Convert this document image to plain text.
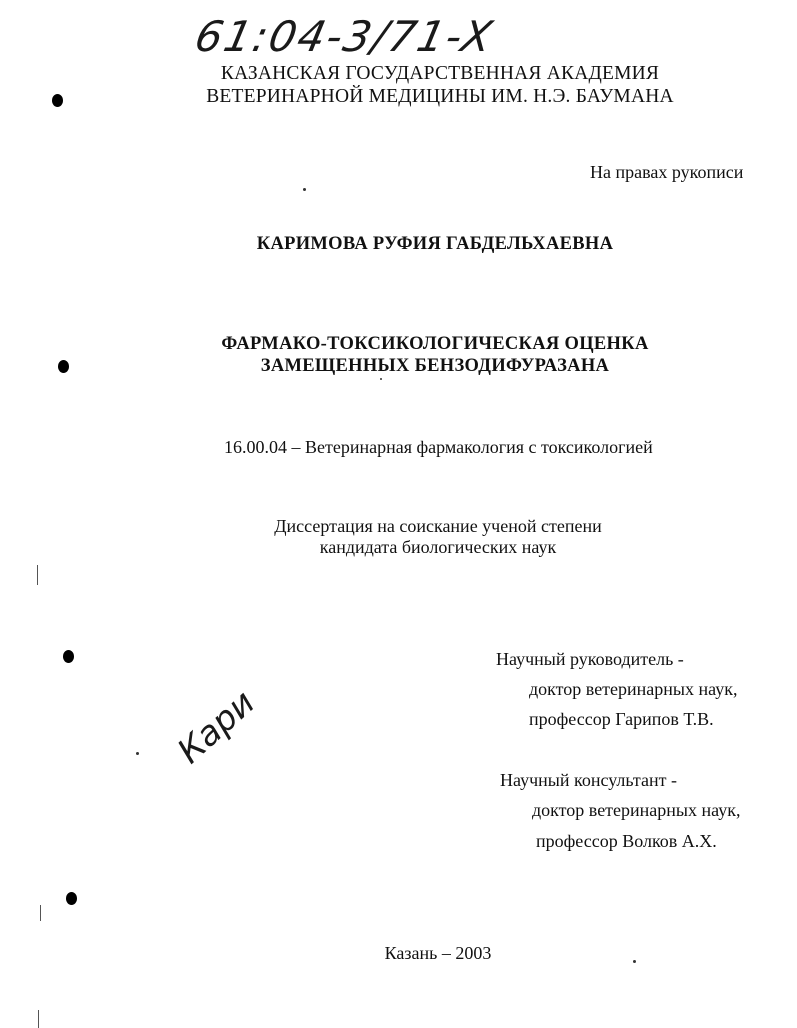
61:04-3/71-X
КАЗАНСКАЯ ГОСУДАРСТВЕННАЯ АКАДЕМИЯ
ВЕТЕРИНАРНОЙ МЕДИЦИНЫ ИМ. Н.Э. БАУМАНА
На правах рукописи
КАРИМОВА РУФИЯ ГАБДЕЛЬХАЕВНА
ФАРМАКО-ТОКСИКОЛОГИЧЕСКАЯ ОЦЕНКА
ЗАМЕЩЕННЫХ БЕНЗОДИФУРАЗАНА
16.00.04 – Ветеринарная фармакология с токсикологией
Диссертация на соискание ученой степени
кандидата биологических наук
Научный руководитель -
доктор ветеринарных наук,
профессор Гарипов Т.В.
Научный консультант -
доктор ветеринарных наук,
профессор Волков А.Х.
Казань – 2003
Кари
